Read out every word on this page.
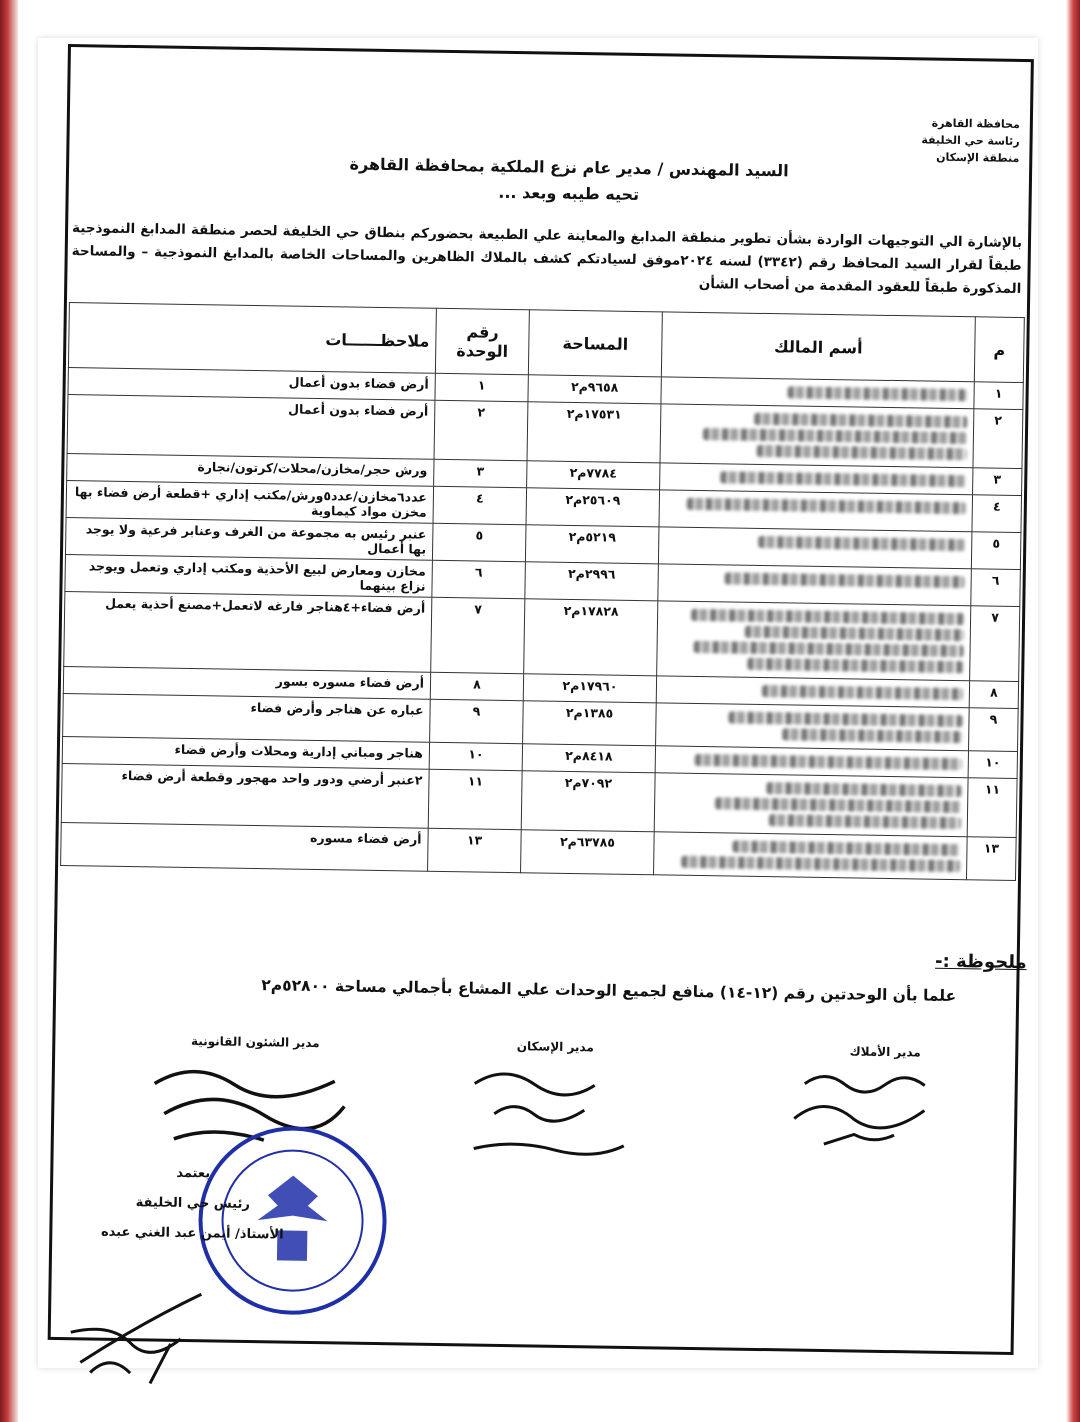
محافظة القاهرة
رئاسة حي الخليفة
منطقة الإسكان
السيد المهندس / مدير عام نزع الملكية بمحافظة القاهرة
تحيه طيبه وبعد ...
بالإشارة الي التوجيهات الواردة بشأن تطوير منطقة المدابغ والمعاينة علي الطبيعة بحضوركم بنطاق حي الخليفة لحصر منطقة المدابغ النموذجية طبقاً لقرار السيد المحافظ رقم (٣٣٤٢) لسنه ٢٠٢٤موفق لسيادتكم كشف بالملاك الظاهرين والمساحات الخاصة بالمدابغ النموذجية – والمساحة المذكورة طبقاً للعقود المقدمة من أصحاب الشأن
م	أسم المالك	المساحة	رقم الوحدة	ملاحظــــــات
١		٩٦٥٨م٢	١	أرض فضاء بدون أعمال
٢		١٧٥٣١م٢	٢	أرض فضاء بدون أعمال
٣		٧٧٨٤م٢	٣	ورش حجر/مخازن/محلات/كرتون/نجارة
٤		٢٥٦٠٩م٢	٤	عدد٦مخازن/عدد٥ورش/مكتب إداري +قطعة أرض فضاء بها مخزن مواد كيماوية
٥		٥٢١٩م٢	٥	عنبر رئيس به مجموعة من الغرف وعنابر فرعية ولا يوجد بها أعمال
٦		٢٩٩٦م٢	٦	مخازن ومعارض لبيع الأحذية ومكتب إداري وتعمل ويوجد نزاع بينهما
٧		١٧٨٢٨م٢	٧	أرض فضاء+٤هناجر فارغه لاتعمل+مصنع أحذية يعمل
٨		١٧٩٦٠م٢	٨	أرض فضاء مسوره بسور
٩		١٣٨٥م٢	٩	عباره عن هناجر وأرض فضاء
١٠		٨٤١٨م٢	١٠	هناجر ومباني إدارية ومحلات وأرض فضاء
١١		٧٠٩٢م٢	١١	٢عنبر أرضي ودور واحد مهجور وقطعة أرض فضاء
١٣		٦٣٧٨٥م٢	١٣	أرض فضاء مسوره
ملحوظة :-
علما بأن الوحدتين رقم (١٢-١٤) منافع لجميع الوحدات علي المشاع بأجمالي مساحة ٥٢٨٠٠م٢
مدير الأملاك
مدير الإسكان
مدير الشئون القانونية
يعتمد
رئيس حي الخليفة
الأستاذ/ أيمن عبد الغني عبده
